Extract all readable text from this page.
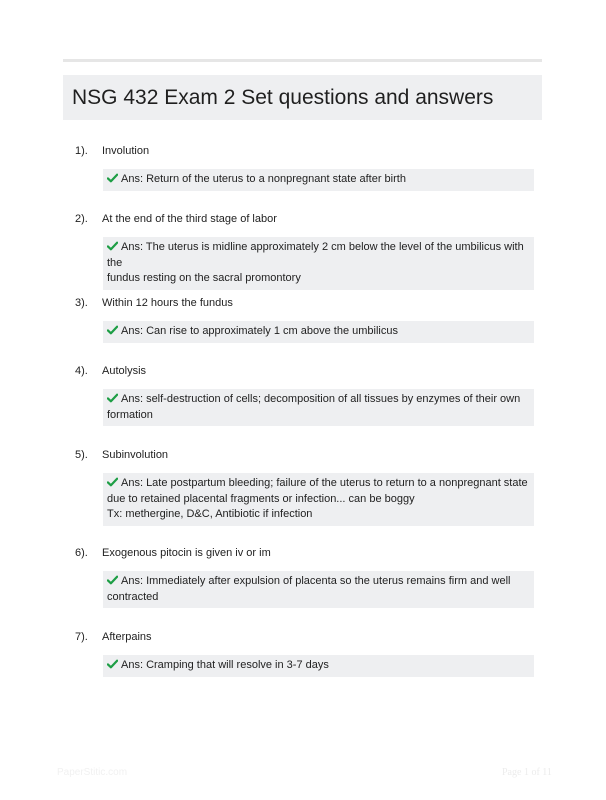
NSG 432 Exam 2 Set questions and answers
1). Involution
Ans: Return of the uterus to a nonpregnant state after birth
2). At the end of the third stage of labor
Ans: The uterus is midline approximately 2 cm below the level of the umbilicus with the
fundus resting on the sacral promontory
3). Within 12 hours the fundus
Ans: Can rise to approximately 1 cm above the umbilicus
4). Autolysis
Ans: self-destruction of cells; decomposition of all tissues by enzymes of their own
formation
5). Subinvolution
Ans: Late postpartum bleeding; failure of the uterus to return to a nonpregnant state
due to retained placental fragments or infection... can be boggy
Tx: methergine, D&C, Antibiotic if infection
6). Exogenous pitocin is given iv or im
Ans: Immediately after expulsion of placenta so the uterus remains firm and well
contracted
7). Afterpains
Ans: Cramping that will resolve in 3-7 days
PaperStitic.com	Page 1 of 11
